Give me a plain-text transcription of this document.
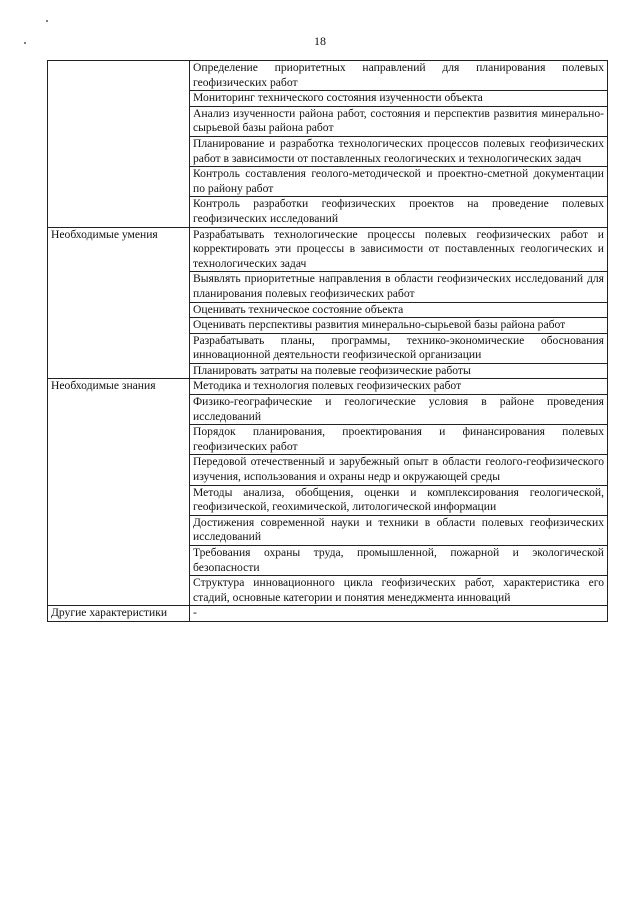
18
	Определение приоритетных направлений для планирования полевых геофизических работ
	Мониторинг технического состояния изученности объекта
	Анализ изученности района работ, состояния и перспектив развития минерально-сырьевой базы района работ
	Планирование и разработка технологических процессов полевых геофизических работ в зависимости от поставленных геологических и технологических задач
	Контроль составления геолого-методической и проектно-сметной документации по району работ
	Контроль разработки геофизических проектов на проведение полевых геофизических исследований
Необходимые умения	Разрабатывать технологические процессы полевых геофизических работ и корректировать эти процессы в зависимости от поставленных геологических и технологических задач
	Выявлять приоритетные направления в области геофизических исследований для планирования полевых геофизических работ
	Оценивать техническое состояние объекта
	Оценивать перспективы развития минерально-сырьевой базы района работ
	Разрабатывать планы, программы, технико-экономические обоснования инновационной деятельности геофизической организации
	Планировать затраты на полевые геофизические работы
Необходимые знания	Методика и технология полевых геофизических работ
	Физико-географические и геологические условия в районе проведения исследований
	Порядок планирования, проектирования и финансирования полевых геофизических работ
	Передовой отечественный и зарубежный опыт в области геолого-геофизического изучения, использования и охраны недр и окружающей среды
	Методы анализа, обобщения, оценки и комплексирования геологической, геофизической, геохимической, литологической информации
	Достижения современной науки и техники в области полевых геофизических исследований
	Требования охраны труда, промышленной, пожарной и экологической безопасности
	Структура инновационного цикла геофизических работ, характеристика его стадий, основные категории и понятия менеджмента инноваций
Другие характеристики	-
